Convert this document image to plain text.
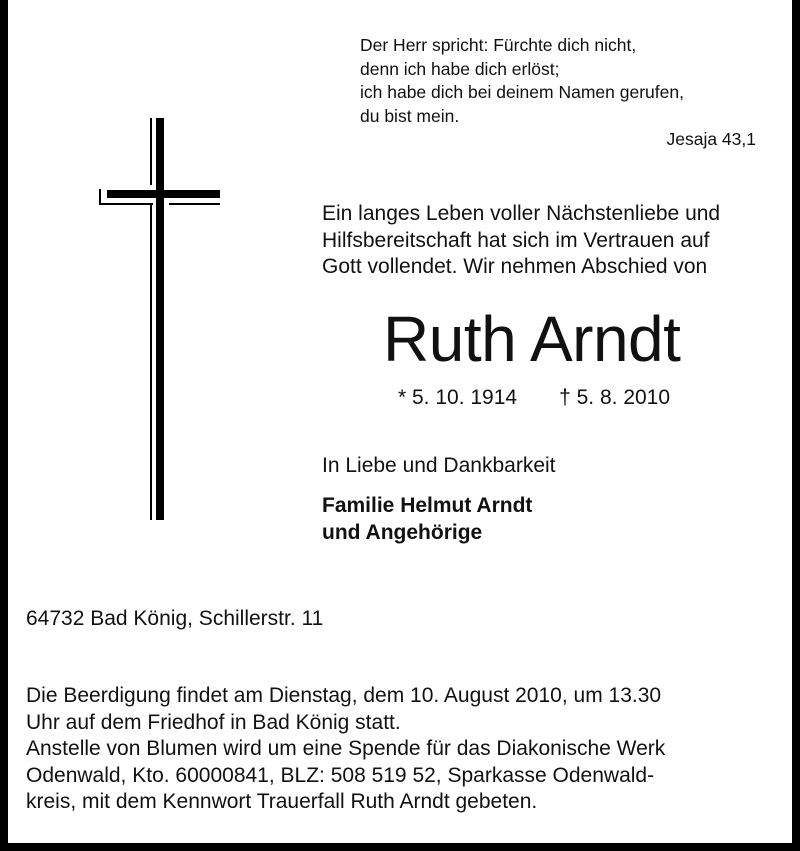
Der Herr spricht: Fürchte dich nicht,
denn ich habe dich erlöst;
ich habe dich bei deinem Namen gerufen,
du bist mein.
Jesaja 43,1
Ein langes Leben voller Nächstenliebe und
Hilfsbereitschaft hat sich im Vertrauen auf
Gott vollendet. Wir nehmen Abschied von
Ruth Arndt
* 5. 10. 1914 † 5. 8. 2010
In Liebe und Dankbarkeit
Familie Helmut Arndt
und Angehörige
64732 Bad König, Schillerstr. 11
Die Beerdigung findet am Dienstag, dem 10. August 2010, um 13.30
Uhr auf dem Friedhof in Bad König statt.
Anstelle von Blumen wird um eine Spende für das Diakonische Werk
Odenwald, Kto. 60000841, BLZ: 508 519 52, Sparkasse Odenwald-
kreis, mit dem Kennwort Trauerfall Ruth Arndt gebeten.
